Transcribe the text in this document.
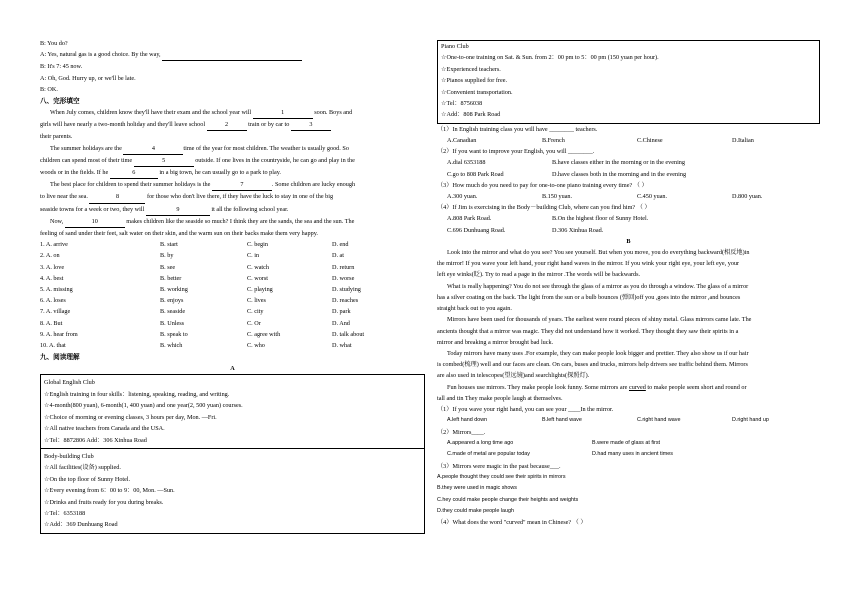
B: You do?
A: Yes, natural gas is a good choice. By the way,
B: It's 7: 45 now.
A: Oh, God. Hurry up, or we'll be late.
B: OK.
八、完形填空
When July comes, children know they'll have their exam and the school year will	1	soon. Boys and
girls will have nearly a two-month holiday and they'll leave school	2	train or by car to	3
their parents.
The summer holidays are the	4	time of the year for most children. The weather is usually good. So
children can spend most of their time	5	outside. If one lives in the countryside, he can go and play in the
woods or in the fields. If he	6	in a big town, he can usually go to a park to play.
The best place for children to spend their summer holidays is the	7	. Some children are lucky enough
to live near the sea.	8	for those who don't live there, if they have the luck to stay in one of the big
seaside towns for a week or two, they will	9	it all the following school year.
Now,	10	makes children like the seaside so much? I think they are the sands, the sea and the sun. The
feeling of sand under their feet, salt water on their skin, and the warm sun on their backs make them very happy.
1. A. arrive	B. start	C. begin	D. end
2. A. on	B. by	C. in	D. at
3. A. love	B. see	C. watch	D. return
4. A. best	B. better	C. worst	D. worse
5. A. missing	B. working	C. playing	D. studying
6. A. loses	B. enjoys	C. lives	D. reaches
7. A. village	B. seaside	C. city	D. park
8. A. But	B. Unless	C. Or	D. And
9. A. hear from	B. speak to	C. agree with	D. talk about
10. A. that	B. which	C. who	D. what
九、阅读理解
A
Global English Club
☆English training in four skills：listening, speaking, reading, and writing.
☆4-month(800 yuan), 6-month(1, 400 yuan) and one year(2, 500 yuan) courses.
☆Choice of morning or evening classes, 3 hours per day, Mon. —Fri.
☆All native teachers from Canada and the USA.
☆Tel：8872806 Add：306 Xinhua Road
Body-building Club
☆All facilities(设备) supplied.
☆On the top floor of Sunny Hotel.
☆Every evening from 6：00 to 9：00, Mon. —Sun.
☆Drinks and fruits ready for you during breaks.
☆Tel：6353188
☆Add：369 Dunhuang Road
Piano Club
☆One-to-one training on Sat. & Sun. from 2：00 pm to 5：00 pm (150 yuan per hour).
☆Experienced teachers.
☆Pianos supplied for free.
☆Convenient transportation.
☆Tel：8756038
☆Add：808 Park Road
（1）In English training class you will have ________ teachers.
A.Canadian	B.French	C.Chinese	D.Italian
（2）If you want to improve your English, you will ________.
A.dial 6353188	B.have classes either in the morning or in the evening
C.go to 808 Park Road	D.have classes both in the morning and in the evening
（3）How much do you need to pay for one-to-one piano training every time? （ ）
A.300 yuan.	B.150 yuan.	C.450 yuan.	D.800 yuan.
（4）If Jim is exercising in the Body－building Club, where can you find him? （ ）
A.808 Park Road.	B.On the highest floor of Sunny Hotel.
C.696 Dunhuang Road.	D.306 Xinhua Road.
B
Look into the mirror and what do you see? You see yourself. But when you move, you do everything backward(相反地)in
the mirror! If you wave your left hand, your right hand waves in the mirror. If you wink your right eye, your left eye, your
left eye winks(眨). Try to read a page in the mirror .The words will be backwards.
What is really happening? You do not see through the glass of a mirror as you do through a window. The glass of a mirror
has a silver coating on the back. The light from the sun or a bulb bounces (弹回)off you ,goes into the mirror ,and bounces
straight back out to you again.
Mirrors have been used for thousands of years. The earliest were round pieces of shiny metal. Glass mirrors came late. The
ancients thought that a mirror was magic. They did not understand how it worked. They thought they saw their spirits in a
mirror and breaking a mirror brought bad luck.
Today mirrors have many uses .For example, they can make people look bigger and prettier. They also show us if our hair
is combed(梳理) well and our faces are clean. On cars, buses and trucks, mirrors help drivers see traffic behind them. Mirrors
are also used in telescopes(望远镜)and searchlights(探照灯).
Fun houses use mirrors. They make people look funny. Some mirrors are curved to make people seem short and round or
tall and tin They make people laugh at themselves.
（1）If you wave your right hand, you can see your ____In the mirror.
A.left hand down	B.left hand wave	C.right hand wave	D.right hand up
（2）Mirrors____.
A.appeared a long time ago	B.were made of glass at first
C.made of metal are popular today	D.had many uses in ancient times
（3）Mirrors were magic in the past because___.
A.people thought they could see their spirits in mirrors
B.they were used in magic shows
C.hey could make people change their heights and weights
D.they could make people laugh
（4）What does the word "curved" mean in Chinese? （ ）
